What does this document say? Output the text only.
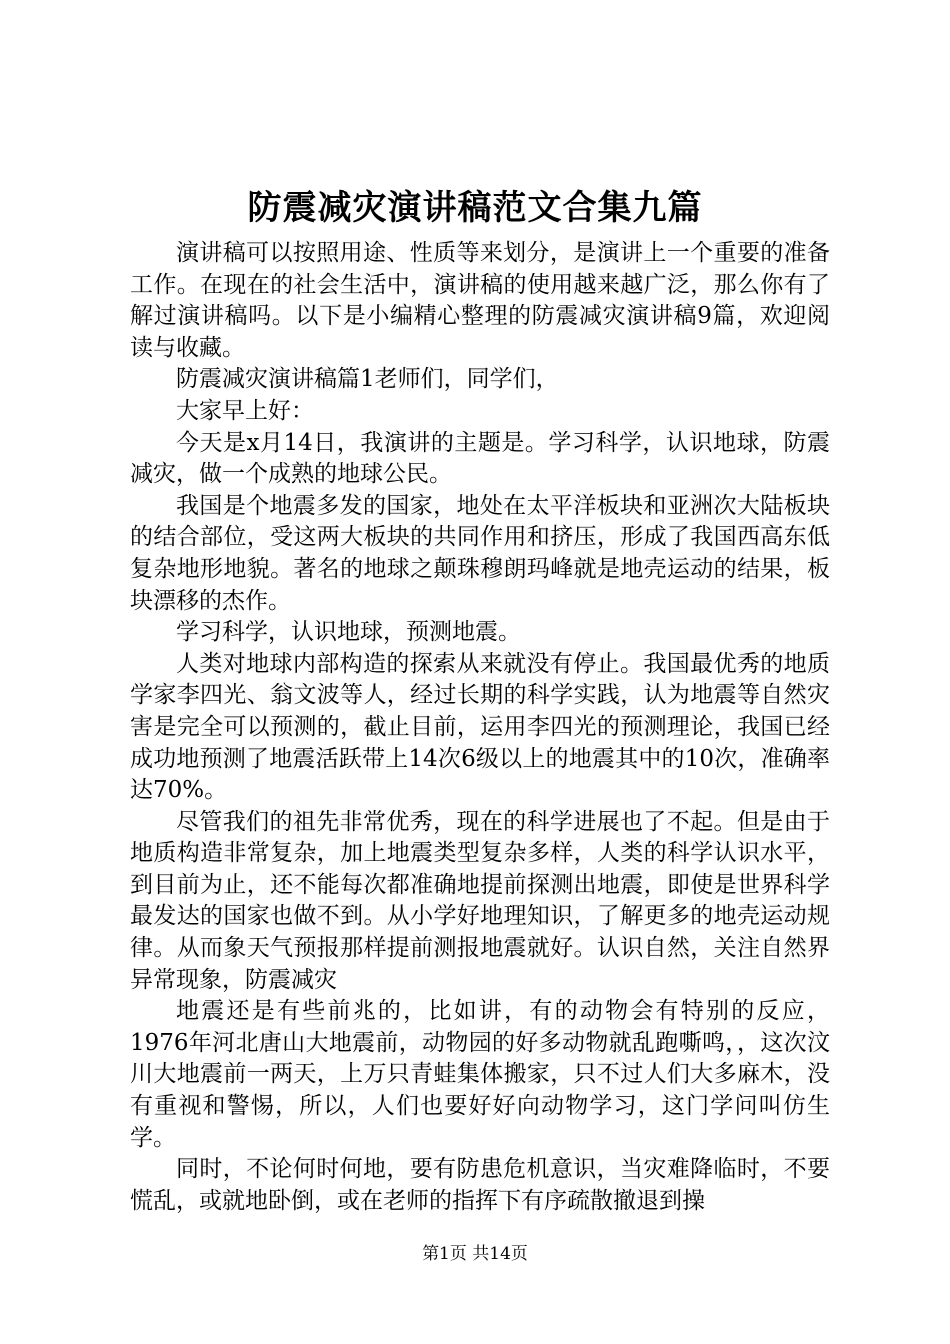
防震减灾演讲稿范文合集九篇

演讲稿可以按照用途、性质等来划分，是演讲上一个重要的准备工作。在现在的社会生活中，演讲稿的使用越来越广泛，那么你有了解过演讲稿吗。以下是小编精心整理的防震减灾演讲稿9篇，欢迎阅读与收藏。

防震减灾演讲稿篇1老师们，同学们，

大家早上好：

今天是x月14日，我演讲的主题是。学习科学，认识地球，防震减灾，做一个成熟的地球公民。

我国是个地震多发的国家，地处在太平洋板块和亚洲次大陆板块的结合部位，受这两大板块的共同作用和挤压，形成了我国西高东低复杂地形地貌。著名的地球之颠珠穆朗玛峰就是地壳运动的结果，板块漂移的杰作。

学习科学，认识地球，预测地震。

人类对地球内部构造的探索从来就没有停止。我国最优秀的地质学家李四光、翁文波等人，经过长期的科学实践，认为地震等自然灾害是完全可以预测的，截止目前，运用李四光的预测理论，我国已经成功地预测了地震活跃带上14次6级以上的地震其中的10次，准确率达70%。

尽管我们的祖先非常优秀，现在的科学进展也了不起。但是由于地质构造非常复杂，加上地震类型复杂多样，人类的科学认识水平，到目前为止，还不能每次都准确地提前探测出地震，即使是世界科学最发达的国家也做不到。从小学好地理知识，了解更多的地壳运动规律。从而象天气预报那样提前测报地震就好。认识自然，关注自然界异常现象，防震减灾

地震还是有些前兆的，比如讲，有的动物会有特别的反应，1976年河北唐山大地震前，动物园的好多动物就乱跑嘶鸣，，这次汶川大地震前一两天，上万只青蛙集体搬家，只不过人们大多麻木，没有重视和警惕，所以，人们也要好好向动物学习，这门学问叫仿生学。

同时，不论何时何地，要有防患危机意识，当灾难降临时，不要慌乱，或就地卧倒，或在老师的指挥下有序疏散撤退到操

第1页 共14页
